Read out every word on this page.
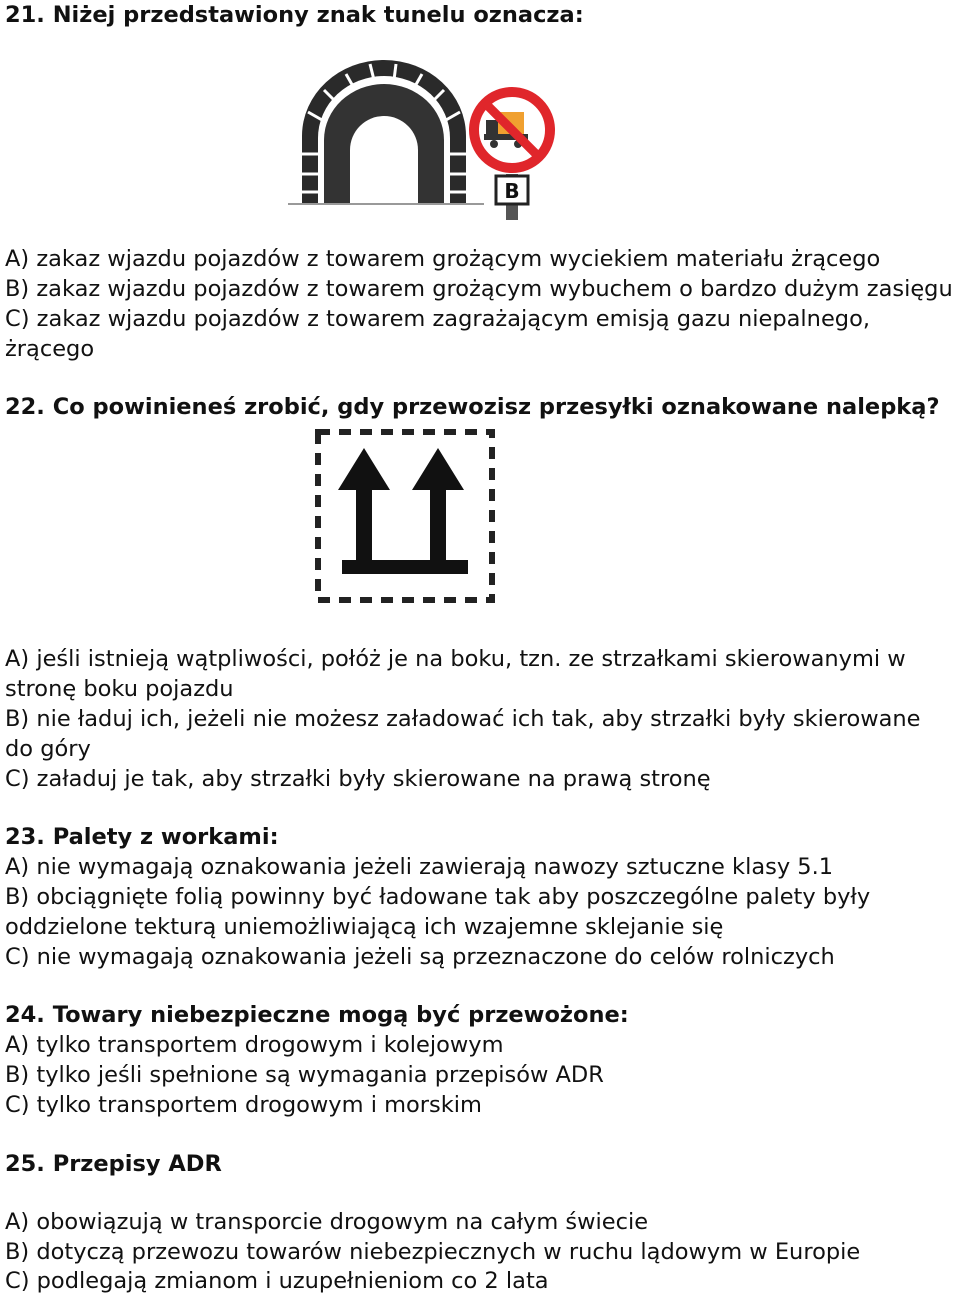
21. Niżej przedstawiony znak tunelu oznacza:

B

A) zakaz wjazdu pojazdów z towarem grożącym wyciekiem materiału żrącego

B) zakaz wjazdu pojazdów z towarem grożącym wybuchem o bardzo dużym zasięgu

C) zakaz wjazdu pojazdów z towarem zagrażającym emisją gazu niepalnego,

żrącego

22. Co powinieneś zrobić, gdy przewozisz przesyłki oznakowane nalepką?

A) jeśli istnieją wątpliwości, połóż je na boku, tzn. ze strzałkami skierowanymi w

stronę boku pojazdu

B) nie ładuj ich, jeżeli nie możesz załadować ich tak, aby strzałki były skierowane

do góry

C) załaduj je tak, aby strzałki były skierowane na prawą stronę

23. Palety z workami:

A) nie wymagają oznakowania jeżeli zawierają nawozy sztuczne klasy 5.1

B) obciągnięte folią powinny być ładowane tak aby poszczególne palety były

oddzielone tekturą uniemożliwiającą ich wzajemne sklejanie się

C) nie wymagają oznakowania jeżeli są przeznaczone do celów rolniczych

24. Towary niebezpieczne mogą być przewożone:

A) tylko transportem drogowym i kolejowym

B) tylko jeśli spełnione są wymagania przepisów ADR

C) tylko transportem drogowym i morskim

25. Przepisy ADR

A) obowiązują w transporcie drogowym na całym świecie

B) dotyczą przewozu towarów niebezpiecznych w ruchu lądowym w Europie

C) podlegają zmianom i uzupełnieniom co 2 lata
